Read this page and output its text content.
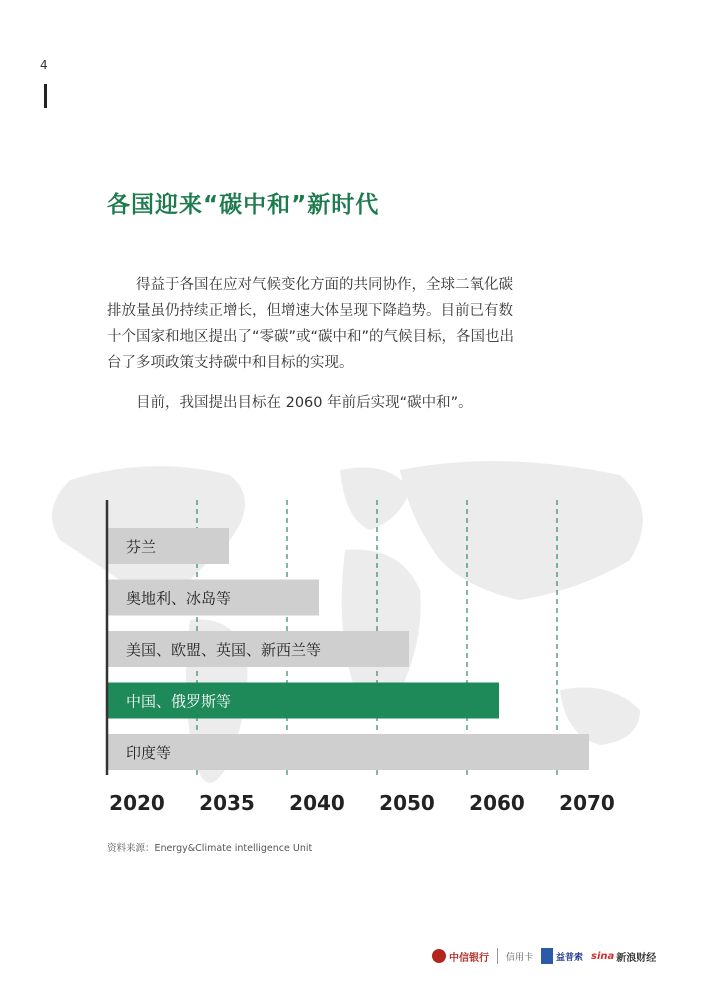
4
各国迎来“碳中和”新时代

得益于各国在应对气候变化方面的共同协作，全球二氧化碳排放量虽仍持续正增长，但增速大体呈现下降趋势。目前已有数十个国家和地区提出了“零碳”或“碳中和”的气候目标，各国也出台了多项政策支持碳中和目标的实现。

目前，我国提出目标在 2060 年前后实现“碳中和”。

芬兰
奥地利、冰岛等
美国、欧盟、英国、新西兰等
中国、俄罗斯等
印度等
2020 2035 2040 2050 2060 2070
资料来源：Energy&Climate intelligence Unit
中信银行 信用卡	益普索 sina 新浪财经
